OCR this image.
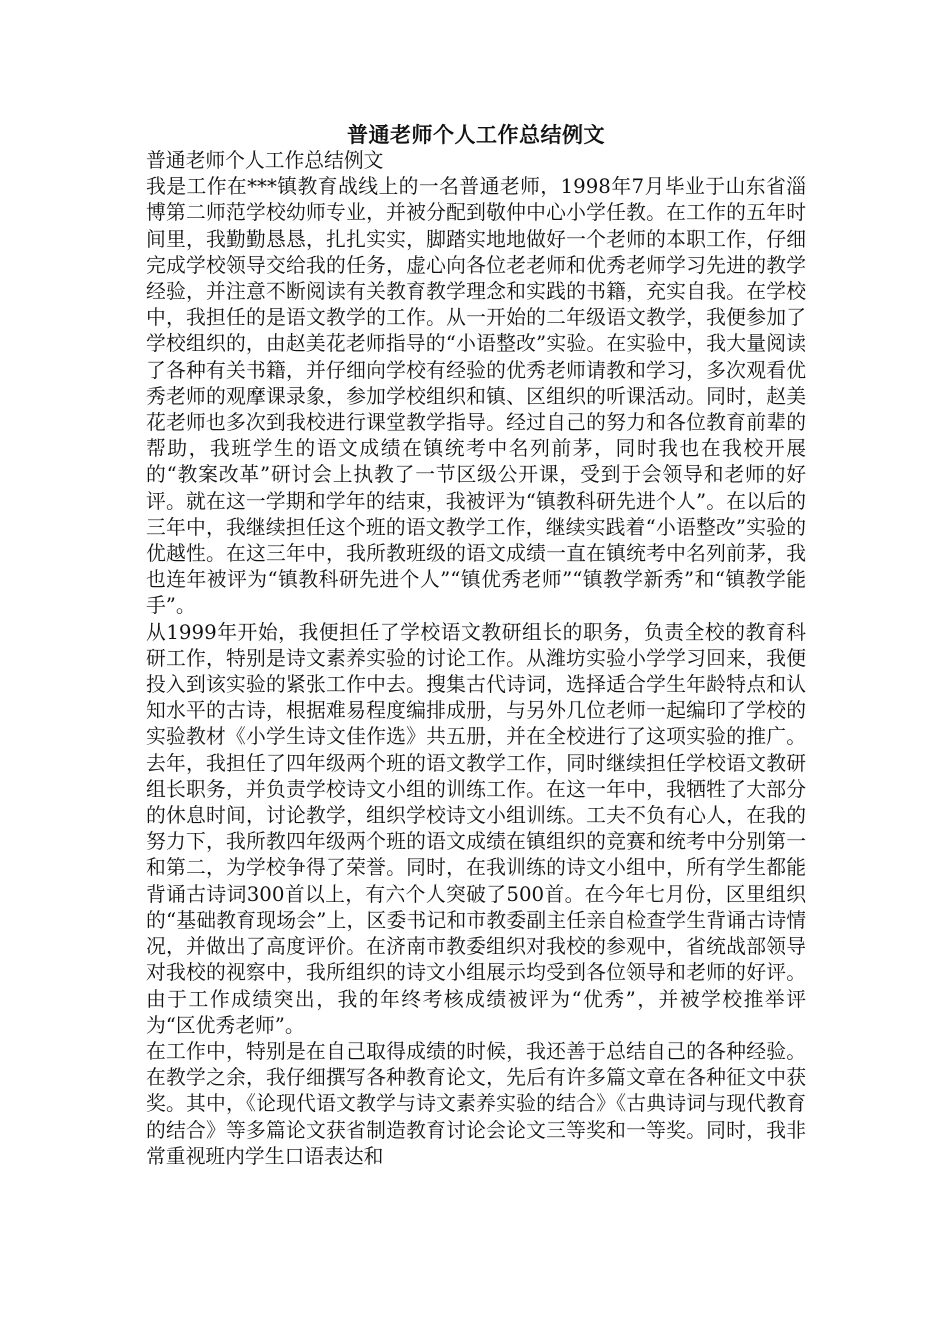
普通老师个人工作总结例文

普通老师个人工作总结例文

我是工作在***镇教育战线上的一名普通老师，1998年7月毕业于山东省淄博第二师范学校幼师专业，并被分配到敬仲中心小学任教。在工作的五年时间里，我勤勤恳恳，扎扎实实，脚踏实地地做好一个老师的本职工作，仔细完成学校领导交给我的任务，虚心向各位老老师和优秀老师学习先进的教学经验，并注意不断阅读有关教育教学理念和实践的书籍，充实自我。在学校中，我担任的是语文教学的工作。从一开始的二年级语文教学，我便参加了学校组织的，由赵美花老师指导的“小语整改”实验。在实验中，我大量阅读了各种有关书籍，并仔细向学校有经验的优秀老师请教和学习，多次观看优秀老师的观摩课录象，参加学校组织和镇、区组织的听课活动。同时，赵美花老师也多次到我校进行课堂教学指导。经过自己的努力和各位教育前辈的帮助，我班学生的语文成绩在镇统考中名列前茅，同时我也在我校开展的“教案改革”研讨会上执教了一节区级公开课，受到于会领导和老师的好评。就在这一学期和学年的结束，我被评为“镇教科研先进个人”。在以后的三年中，我继续担任这个班的语文教学工作，继续实践着“小语整改”实验的优越性。在这三年中，我所教班级的语文成绩一直在镇统考中名列前茅，我也连年被评为“镇教科研先进个人”“镇优秀老师”“镇教学新秀”和“镇教学能手”。

从1999年开始，我便担任了学校语文教研组长的职务，负责全校的教育科研工作，特别是诗文素养实验的讨论工作。从潍坊实验小学学习回来，我便投入到该实验的紧张工作中去。搜集古代诗词，选择适合学生年龄特点和认知水平的古诗，根据难易程度编排成册，与另外几位老师一起编印了学校的实验教材《小学生诗文佳作选》共五册，并在全校进行了这项实验的推广。去年，我担任了四年级两个班的语文教学工作，同时继续担任学校语文教研组长职务，并负责学校诗文小组的训练工作。在这一年中，我牺牲了大部分的休息时间，讨论教学，组织学校诗文小组训练。工夫不负有心人，在我的努力下，我所教四年级两个班的语文成绩在镇组织的竞赛和统考中分别第一和第二，为学校争得了荣誉。同时，在我训练的诗文小组中，所有学生都能背诵古诗词300首以上，有六个人突破了500首。在今年七月份，区里组织的“基础教育现场会”上，区委书记和市教委副主任亲自检查学生背诵古诗情况，并做出了高度评价。在济南市教委组织对我校的参观中，省统战部领导对我校的视察中，我所组织的诗文小组展示均受到各位领导和老师的好评。由于工作成绩突出，我的年终考核成绩被评为“优秀”，并被学校推举评为“区优秀老师”。

在工作中，特别是在自己取得成绩的时候，我还善于总结自己的各种经验。在教学之余，我仔细撰写各种教育论文，先后有许多篇文章在各种征文中获奖。其中，《论现代语文教学与诗文素养实验的结合》《古典诗词与现代教育的结合》等多篇论文获省制造教育讨论会论文三等奖和一等奖。同时，我非常重视班内学生口语表达和
